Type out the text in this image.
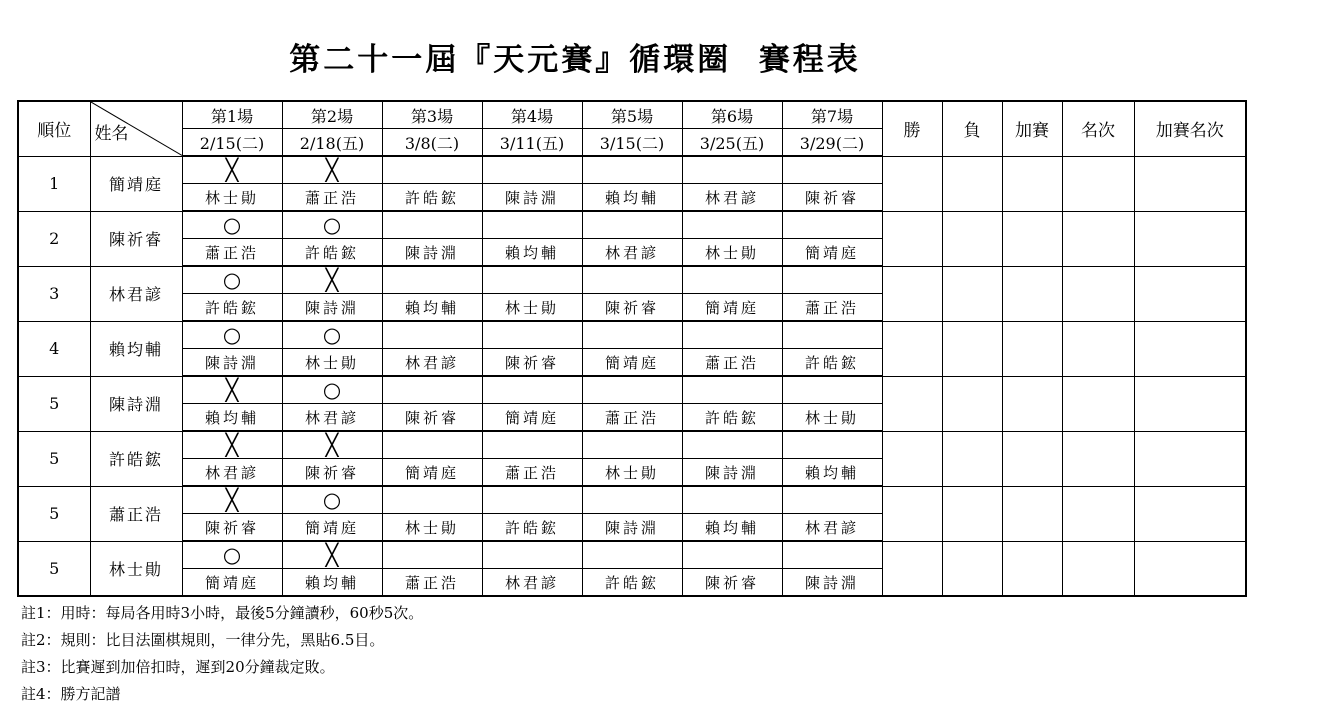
第二十一屆『天元賽』循環圈  賽程表
順位	姓名	第1場	第2場	第3場	第4場	第5場	第6場	第7場	勝	負	加賽	名次	加賽名次
		2/15(二)	2/18(五)	3/8(二)	3/11(五)	3/15(二)	3/25(五)	3/29(二)					
1	簡靖庭	╳	╳										
		林士勛	蕭正浩	許皓鋐	陳詩淵	賴均輔	林君諺	陳祈睿					
2	陳祈睿	○	○										
		蕭正浩	許皓鋐	陳詩淵	賴均輔	林君諺	林士勛	簡靖庭					
3	林君諺	○	╳										
		許皓鋐	陳詩淵	賴均輔	林士勛	陳祈睿	簡靖庭	蕭正浩					
4	賴均輔	○	○										
		陳詩淵	林士勛	林君諺	陳祈睿	簡靖庭	蕭正浩	許皓鋐					
5	陳詩淵	╳	○										
		賴均輔	林君諺	陳祈睿	簡靖庭	蕭正浩	許皓鋐	林士勛					
5	許皓鋐	╳	╳										
		林君諺	陳祈睿	簡靖庭	蕭正浩	林士勛	陳詩淵	賴均輔					
5	蕭正浩	╳	○										
		陳祈睿	簡靖庭	林士勛	許皓鋐	陳詩淵	賴均輔	林君諺					
5	林士勛	○	╳										
		簡靖庭	賴均輔	蕭正浩	林君諺	許皓鋐	陳祈睿	陳詩淵					
註1：用時：每局各用時3小時，最後5分鐘讀秒，60秒5次。
註2：規則：比目法圍棋規則，一律分先，黑貼6.5目。
註3：比賽遲到加倍扣時，遲到20分鐘裁定敗。
註4：勝方記譜
